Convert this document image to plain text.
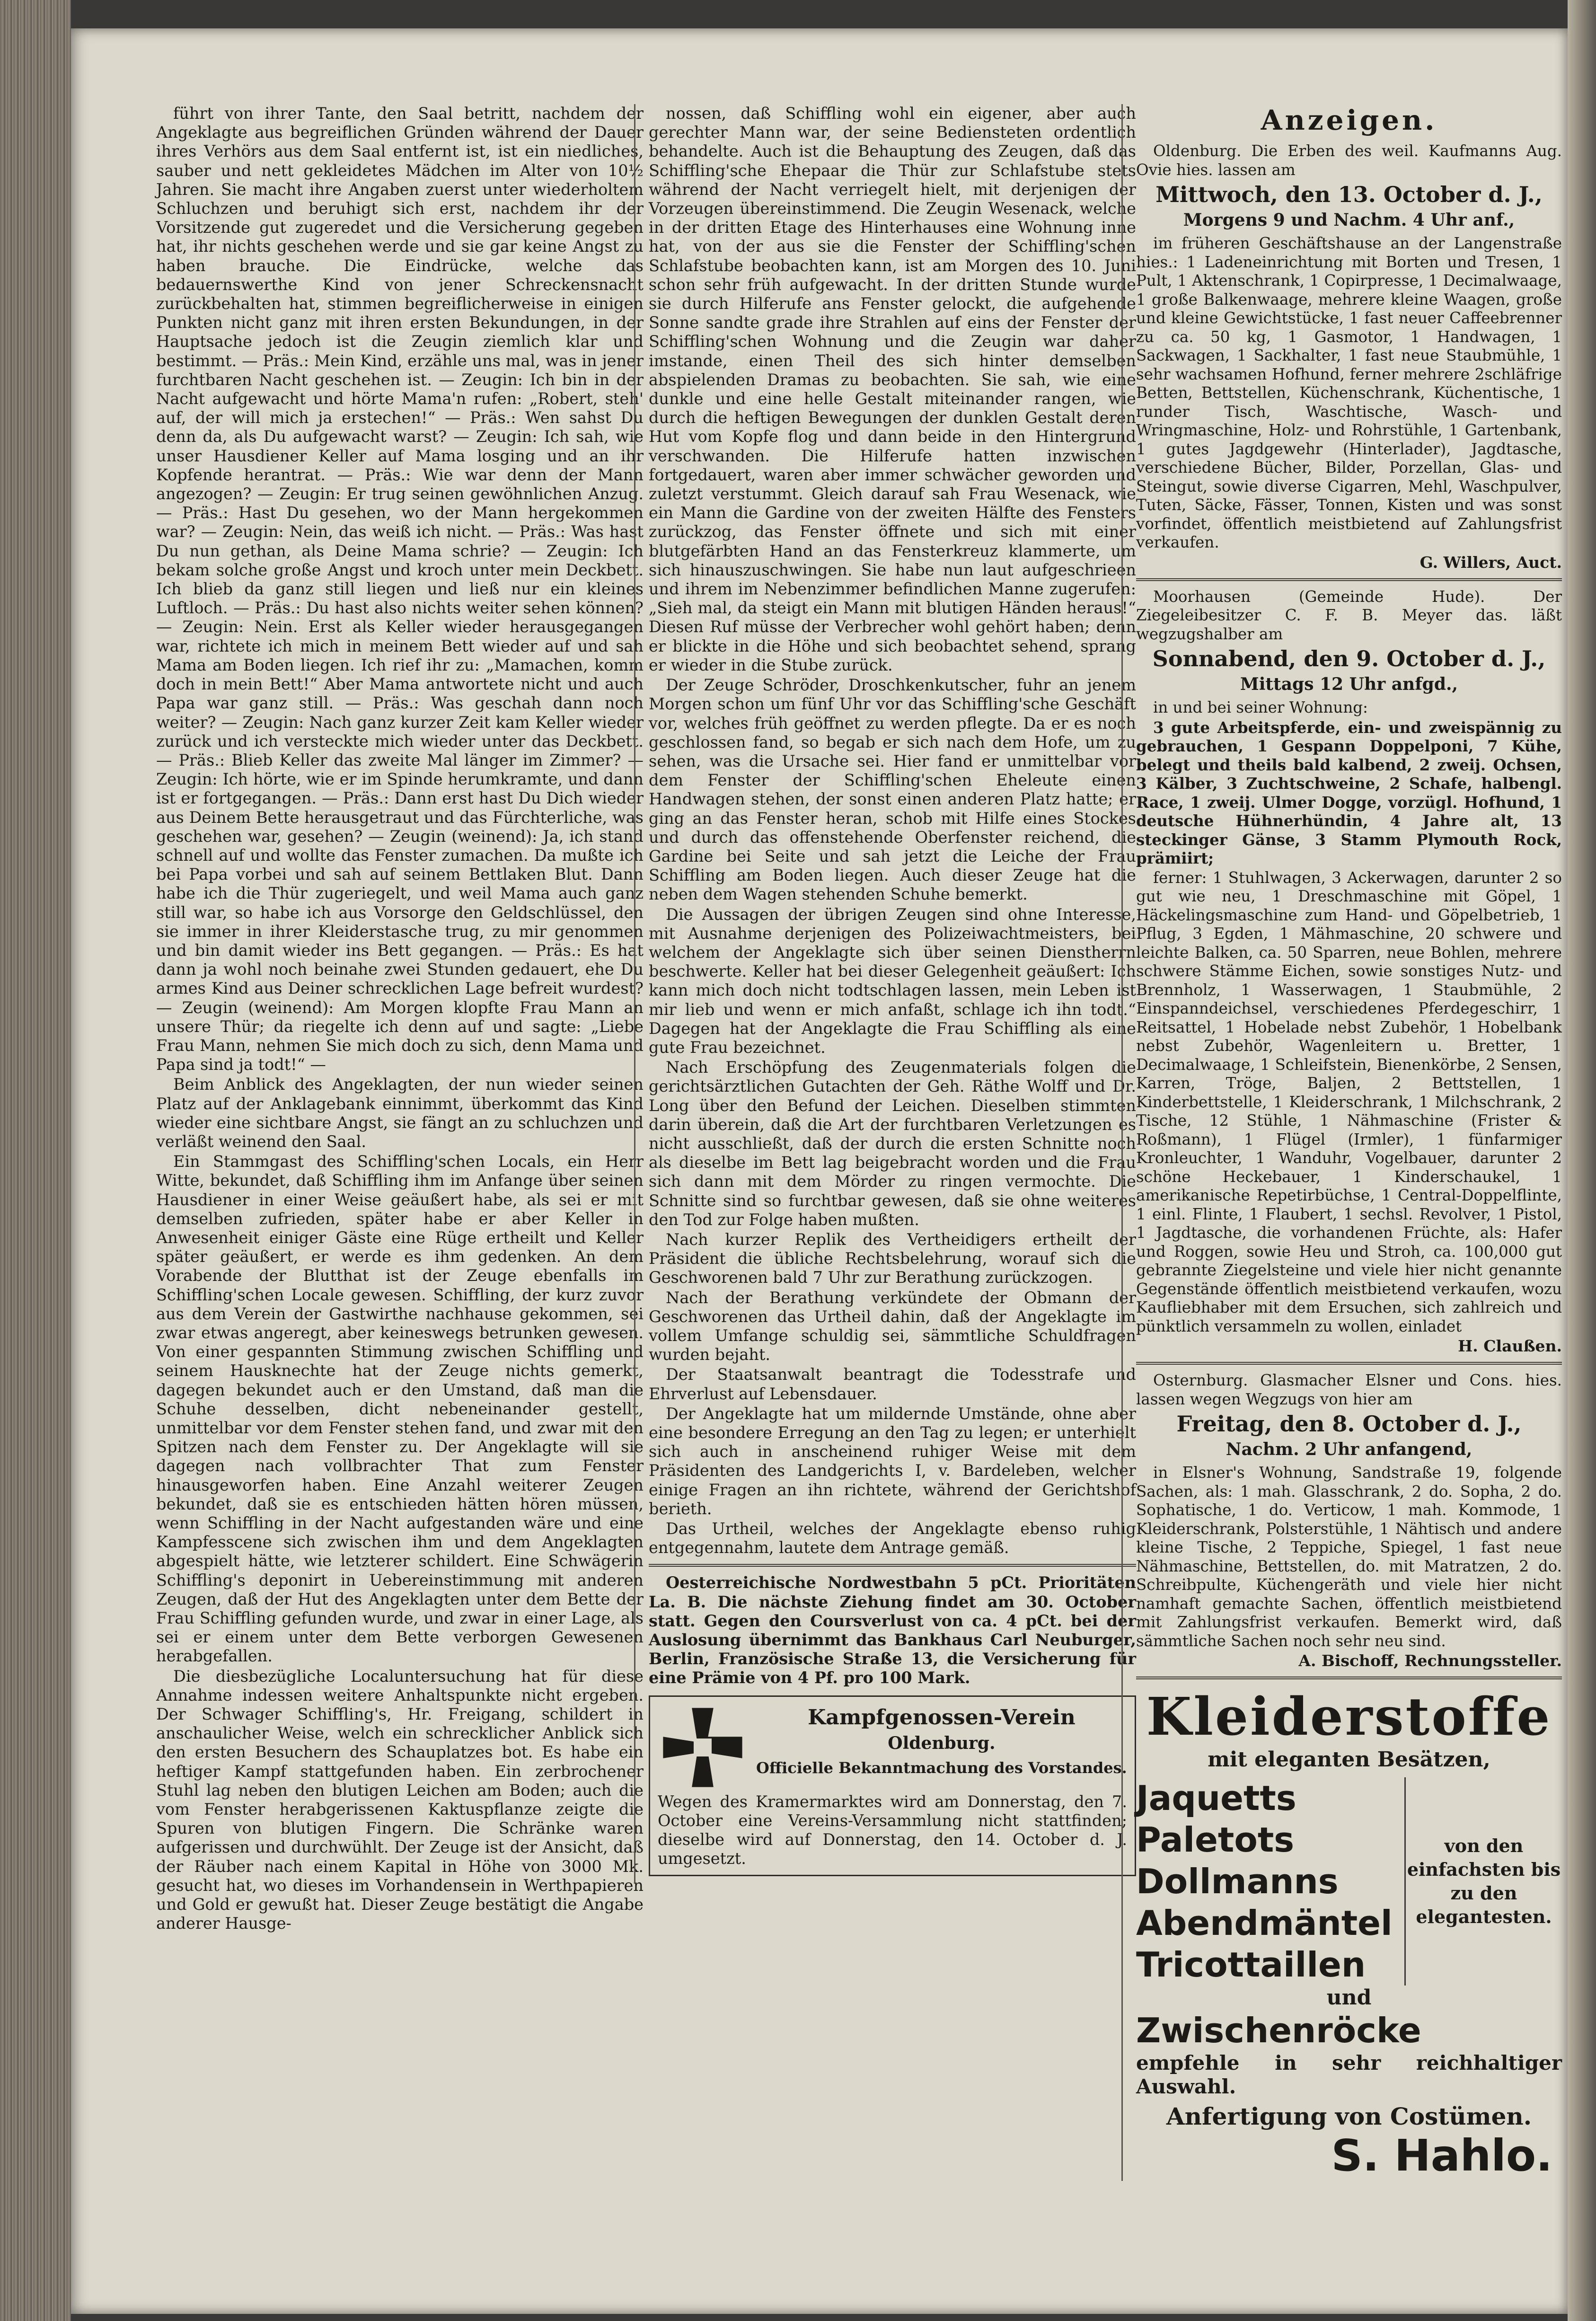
führt von ihrer Tante, den Saal betritt, nachdem der Angeklagte aus begreiflichen Gründen während der Dauer ihres Verhörs aus dem Saal entfernt ist, ist ein niedliches, sauber und nett gekleidetes Mädchen im Alter von 10½ Jahren. Sie macht ihre Angaben zuerst unter wiederholtem Schluchzen und beruhigt sich erst, nachdem ihr der Vorsitzende gut zugeredet und die Versicherung gegeben hat, ihr nichts geschehen werde und sie gar keine Angst zu haben brauche. Die Eindrücke, welche das bedauernswerthe Kind von jener Schreckensnacht zurückbehalten hat, stimmen begreiflicherweise in einigen Punkten nicht ganz mit ihren ersten Bekundungen, in der Hauptsache jedoch ist die Zeugin ziemlich klar und bestimmt. — Präs.: Mein Kind, erzähle uns mal, was in jener furchtbaren Nacht geschehen ist. — Zeugin: Ich bin in der Nacht aufgewacht und hörte Mama'n rufen: „Robert, steh' auf, der will mich ja erstechen!“ — Präs.: Wen sahst Du denn da, als Du aufgewacht warst? — Zeugin: Ich sah, wie unser Hausdiener Keller auf Mama losging und an ihr Kopfende herantrat. — Präs.: Wie war denn der Mann angezogen? — Zeugin: Er trug seinen gewöhnlichen Anzug. — Präs.: Hast Du gesehen, wo der Mann hergekommen war? — Zeugin: Nein, das weiß ich nicht. — Präs.: Was hast Du nun gethan, als Deine Mama schrie? — Zeugin: Ich bekam solche große Angst und kroch unter mein Deckbett. Ich blieb da ganz still liegen und ließ nur ein kleines Luftloch. — Präs.: Du hast also nichts weiter sehen können? — Zeugin: Nein. Erst als Keller wieder herausgegangen war, richtete ich mich in meinem Bett wieder auf und sah Mama am Boden liegen. Ich rief ihr zu: „Mamachen, komm doch in mein Bett!“ Aber Mama antwortete nicht und auch Papa war ganz still. — Präs.: Was geschah dann noch weiter? — Zeugin: Nach ganz kurzer Zeit kam Keller wieder zurück und ich versteckte mich wieder unter das Deckbett. — Präs.: Blieb Keller das zweite Mal länger im Zimmer? — Zeugin: Ich hörte, wie er im Spinde herumkramte, und dann ist er fortgegangen. — Präs.: Dann erst hast Du Dich wieder aus Deinem Bette herausgetraut und das Fürchterliche, was geschehen war, gesehen? — Zeugin (weinend): Ja, ich stand schnell auf und wollte das Fenster zumachen. Da mußte ich bei Papa vorbei und sah auf seinem Bettlaken Blut. Dann habe ich die Thür zugeriegelt, und weil Mama auch ganz still war, so habe ich aus Vorsorge den Geldschlüssel, den sie immer in ihrer Kleiderstasche trug, zu mir genommen und bin damit wieder ins Bett gegangen. — Präs.: Es hat dann ja wohl noch beinahe zwei Stunden gedauert, ehe Du armes Kind aus Deiner schrecklichen Lage befreit wurdest? — Zeugin (weinend): Am Morgen klopfte Frau Mann an unsere Thür; da riegelte ich denn auf und sagte: „Liebe Frau Mann, nehmen Sie mich doch zu sich, denn Mama und Papa sind ja todt!“ —

Beim Anblick des Angeklagten, der nun wieder seinen Platz auf der Anklagebank einnimmt, überkommt das Kind wieder eine sichtbare Angst, sie fängt an zu schluchzen und verläßt weinend den Saal.

Ein Stammgast des Schiffling'schen Locals, ein Herr Witte, bekundet, daß Schiffling ihm im Anfange über seinen Hausdiener in einer Weise geäußert habe, als sei er mit demselben zufrieden, später habe er aber Keller in Anwesenheit einiger Gäste eine Rüge ertheilt und Keller später geäußert, er werde es ihm gedenken. An dem Vorabende der Blutthat ist der Zeuge ebenfalls im Schiffling'schen Locale gewesen. Schiffling, der kurz zuvor aus dem Verein der Gastwirthe nachhause gekommen, sei zwar etwas angeregt, aber keineswegs betrunken gewesen. Von einer gespannten Stimmung zwischen Schiffling und seinem Hausknechte hat der Zeuge nichts gemerkt, dagegen bekundet auch er den Umstand, daß man die Schuhe desselben, dicht nebeneinander gestellt, unmittelbar vor dem Fenster stehen fand, und zwar mit den Spitzen nach dem Fenster zu. Der Angeklagte will sie dagegen nach vollbrachter That zum Fenster hinausgeworfen haben. Eine Anzahl weiterer Zeugen bekundet, daß sie es entschieden hätten hören müssen, wenn Schiffling in der Nacht aufgestanden wäre und eine Kampfesscene sich zwischen ihm und dem Angeklagten abgespielt hätte, wie letzterer schildert. Eine Schwägerin Schiffling's deponirt in Uebereinstimmung mit anderen Zeugen, daß der Hut des Angeklagten unter dem Bette der Frau Schiffling gefunden wurde, und zwar in einer Lage, als sei er einem unter dem Bette verborgen Gewesenen herabgefallen.

Die diesbezügliche Localuntersuchung hat für diese Annahme indessen weitere Anhaltspunkte nicht ergeben. Der Schwager Schiffling's, Hr. Freigang, schildert in anschaulicher Weise, welch ein schrecklicher Anblick sich den ersten Besuchern des Schauplatzes bot. Es habe ein heftiger Kampf stattgefunden haben. Ein zerbrochener Stuhl lag neben den blutigen Leichen am Boden; auch die vom Fenster herabgerissenen Kaktuspflanze zeigte die Spuren von blutigen Fingern. Die Schränke waren aufgerissen und durchwühlt. Der Zeuge ist der Ansicht, daß der Räuber nach einem Kapital in Höhe von 3000 Mk. gesucht hat, wo dieses im Vorhandensein in Werthpapieren und Gold er gewußt hat. Dieser Zeuge bestätigt die Angabe anderer Hausge-

nossen, daß Schiffling wohl ein eigener, aber auch gerechter Mann war, der seine Bediensteten ordentlich behandelte. Auch ist die Behauptung des Zeugen, daß das Schiffling'sche Ehepaar die Thür zur Schlafstube stets während der Nacht verriegelt hielt, mit derjenigen der Vorzeugen übereinstimmend. Die Zeugin Wesenack, welche in der dritten Etage des Hinterhauses eine Wohnung inne hat, von der aus sie die Fenster der Schiffling'schen Schlafstube beobachten kann, ist am Morgen des 10. Juni schon sehr früh aufgewacht. In der dritten Stunde wurde sie durch Hilferufe ans Fenster gelockt, die aufgehende Sonne sandte grade ihre Strahlen auf eins der Fenster der Schiffling'schen Wohnung und die Zeugin war daher imstande, einen Theil des sich hinter demselben abspielenden Dramas zu beobachten. Sie sah, wie eine dunkle und eine helle Gestalt miteinander rangen, wie durch die heftigen Bewegungen der dunklen Gestalt deren Hut vom Kopfe flog und dann beide in den Hintergrund verschwanden. Die Hilferufe hatten inzwischen fortgedauert, waren aber immer schwächer geworden und zuletzt verstummt. Gleich darauf sah Frau Wesenack, wie ein Mann die Gardine von der zweiten Hälfte des Fensters zurückzog, das Fenster öffnete und sich mit einer blutgefärbten Hand an das Fensterkreuz klammerte, um sich hinauszuschwingen. Sie habe nun laut aufgeschrieen und ihrem im Nebenzimmer befindlichen Manne zugerufen: „Sieh mal, da steigt ein Mann mit blutigen Händen heraus!“ Diesen Ruf müsse der Verbrecher wohl gehört haben; denn er blickte in die Höhe und sich beobachtet sehend, sprang er wieder in die Stube zurück.

Der Zeuge Schröder, Droschkenkutscher, fuhr an jenem Morgen schon um fünf Uhr vor das Schiffling'sche Geschäft vor, welches früh geöffnet zu werden pflegte. Da er es noch geschlossen fand, so begab er sich nach dem Hofe, um zu sehen, was die Ursache sei. Hier fand er unmittelbar vor dem Fenster der Schiffling'schen Eheleute einen Handwagen stehen, der sonst einen anderen Platz hatte; er ging an das Fenster heran, schob mit Hilfe eines Stockes und durch das offenstehende Oberfenster reichend, die Gardine bei Seite und sah jetzt die Leiche der Frau Schiffling am Boden liegen. Auch dieser Zeuge hat die neben dem Wagen stehenden Schuhe bemerkt.

Die Aussagen der übrigen Zeugen sind ohne Interesse, mit Ausnahme derjenigen des Polizeiwachtmeisters, bei welchem der Angeklagte sich über seinen Dienstherrn beschwerte. Keller hat bei dieser Gelegenheit geäußert: Ich kann mich doch nicht todtschlagen lassen, mein Leben ist mir lieb und wenn er mich anfaßt, schlage ich ihn todt.“ Dagegen hat der Angeklagte die Frau Schiffling als eine gute Frau bezeichnet.

Nach Erschöpfung des Zeugenmaterials folgen die gerichtsärztlichen Gutachten der Geh. Räthe Wolff und Dr. Long über den Befund der Leichen. Dieselben stimmten darin überein, daß die Art der furchtbaren Verletzungen es nicht ausschließt, daß der durch die ersten Schnitte noch als dieselbe im Bett lag beigebracht worden und die Frau sich dann mit dem Mörder zu ringen vermochte. Die Schnitte sind so furchtbar gewesen, daß sie ohne weiteres den Tod zur Folge haben mußten.

Nach kurzer Replik des Vertheidigers ertheilt der Präsident die übliche Rechtsbelehrung, worauf sich die Geschworenen bald 7 Uhr zur Berathung zurückzogen.

Nach der Berathung verkündete der Obmann der Geschworenen das Urtheil dahin, daß der Angeklagte im vollem Umfange schuldig sei, sämmtliche Schuldfragen wurden bejaht.

Der Staatsanwalt beantragt die Todesstrafe und Ehrverlust auf Lebensdauer.

Der Angeklagte hat um mildernde Umstände, ohne aber eine besondere Erregung an den Tag zu legen; er unterhielt sich auch in anscheinend ruhiger Weise mit dem Präsidenten des Landgerichts I, v. Bardeleben, welcher einige Fragen an ihn richtete, während der Gerichtshof berieth.

Das Urtheil, welches der Angeklagte ebenso ruhig entgegennahm, lautete dem Antrage gemäß.

Oesterreichische Nordwestbahn 5 pCt. Prioritäten La. B. Die nächste Ziehung findet am 30. October statt. Gegen den Coursverlust von ca. 4 pCt. bei der Auslosung übernimmt das Bankhaus Carl Neuburger, Berlin, Französische Straße 13, die Versicherung für eine Prämie von 4 Pf. pro 100 Mark.

Kampfgenossen-Verein
Oldenburg.
Officielle Bekanntmachung des Vorstandes.

Wegen des Kramermarktes wird am Donnerstag, den 7. October eine Vereins-Versammlung nicht stattfinden; dieselbe wird auf Donnerstag, den 14. October d. J. umgesetzt.

Anzeigen.

Oldenburg. Die Erben des weil. Kaufmanns Aug. Ovie hies. lassen am

Mittwoch, den 13. October d. J.,
Morgens 9 und Nachm. 4 Uhr anf.,

im früheren Geschäftshause an der Langenstraße hies.: 1 Ladeneinrichtung mit Borten und Tresen, 1 Pult, 1 Aktenschrank, 1 Copirpresse, 1 Decimalwaage, 1 große Balkenwaage, mehrere kleine Waagen, große und kleine Gewichtstücke, 1 fast neuer Caffeebrenner zu ca. 50 kg, 1 Gasmotor, 1 Handwagen, 1 Sackwagen, 1 Sackhalter, 1 fast neue Staubmühle, 1 sehr wachsamen Hofhund, ferner mehrere 2schläfrige Betten, Bettstellen, Küchenschrank, Küchentische, 1 runder Tisch, Waschtische, Wasch- und Wringmaschine, Holz- und Rohrstühle, 1 Gartenbank, 1 gutes Jagdgewehr (Hinterlader), Jagdtasche, verschiedene Bücher, Bilder, Porzellan, Glas- und Steingut, sowie diverse Cigarren, Mehl, Waschpulver, Tuten, Säcke, Fässer, Tonnen, Kisten und was sonst vorfindet, öffentlich meistbietend auf Zahlungsfrist verkaufen.

G. Willers, Auct.

Moorhausen (Gemeinde Hude). Der Ziegeleibesitzer C. F. B. Meyer das. läßt wegzugshalber am

Sonnabend, den 9. October d. J.,
Mittags 12 Uhr anfgd.,

in und bei seiner Wohnung:

3 gute Arbeitspferde, ein- und zweispännig zu gebrauchen, 1 Gespann Doppelponi, 7 Kühe, belegt und theils bald kalbend, 2 zweij. Ochsen, 3 Kälber, 3 Zuchtschweine, 2 Schafe, halbengl. Race, 1 zweij. Ulmer Dogge, vorzügl. Hofhund, 1 deutsche Hühnerhündin, 4 Jahre alt, 13 steckinger Gänse, 3 Stamm Plymouth Rock, prämiirt;

ferner: 1 Stuhlwagen, 3 Ackerwagen, darunter 2 so gut wie neu, 1 Dreschmaschine mit Göpel, 1 Häckelingsmaschine zum Hand- und Göpelbetrieb, 1 Pflug, 3 Egden, 1 Mähmaschine, 20 schwere und leichte Balken, ca. 50 Sparren, neue Bohlen, mehrere schwere Stämme Eichen, sowie sonstiges Nutz- und Brennholz, 1 Wasserwagen, 1 Staubmühle, 2 Einspanndeichsel, verschiedenes Pferdegeschirr, 1 Reitsattel, 1 Hobelade nebst Zubehör, 1 Hobelbank nebst Zubehör, Wagenleitern u. Bretter, 1 Decimalwaage, 1 Schleifstein, Bienenkörbe, 2 Sensen, Karren, Tröge, Baljen, 2 Bettstellen, 1 Kinderbettstelle, 1 Kleiderschrank, 1 Milchschrank, 2 Tische, 12 Stühle, 1 Nähmaschine (Frister & Roßmann), 1 Flügel (Irmler), 1 fünfarmiger Kronleuchter, 1 Wanduhr, Vogelbauer, darunter 2 schöne Heckebauer, 1 Kinderschaukel, 1 amerikanische Repetirbüchse, 1 Central-Doppelflinte, 1 einl. Flinte, 1 Flaubert, 1 sechsl. Revolver, 1 Pistol, 1 Jagdtasche, die vorhandenen Früchte, als: Hafer und Roggen, sowie Heu und Stroh, ca. 100,000 gut gebrannte Ziegelsteine und viele hier nicht genannte Gegenstände öffentlich meistbietend verkaufen, wozu Kaufliebhaber mit dem Ersuchen, sich zahlreich und pünktlich versammeln zu wollen, einladet

H. Claußen.

Osternburg. Glasmacher Elsner und Cons. hies. lassen wegen Wegzugs von hier am

Freitag, den 8. October d. J.,
Nachm. 2 Uhr anfangend,

in Elsner's Wohnung, Sandstraße 19, folgende Sachen, als: 1 mah. Glasschrank, 2 do. Sopha, 2 do. Sophatische, 1 do. Verticow, 1 mah. Kommode, 1 Kleiderschrank, Polsterstühle, 1 Nähtisch und andere kleine Tische, 2 Teppiche, Spiegel, 1 fast neue Nähmaschine, Bettstellen, do. mit Matratzen, 2 do. Schreibpulte, Küchengeräth und viele hier nicht namhaft gemachte Sachen, öffentlich meistbietend mit Zahlungsfrist verkaufen. Bemerkt wird, daß sämmtliche Sachen noch sehr neu sind.

A. Bischoff, Rechnungssteller.
Kleiderstoffe
mit eleganten Besätzen,
Jaquetts
Paletots
Dollmanns
Abendmäntel
Tricottaillen
von den einfachsten bis zu den elegantesten.
und
Zwischenröcke
empfehle in sehr reichhaltiger Auswahl.
Anfertigung von Costümen.
S. Hahlo.
